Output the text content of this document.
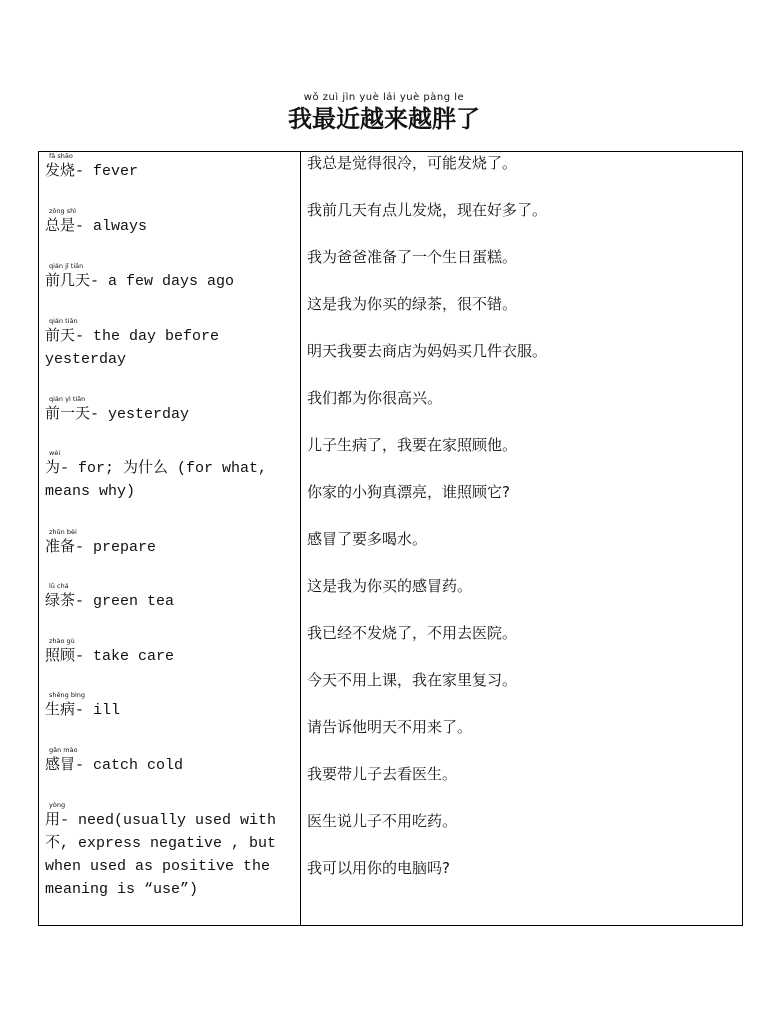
wǒ zuì jìn yuè lái yuè pàng le
我最近越来越胖了
fā shāo
发烧- fever
zǒng shì
总是- always
qián jǐ tiān
前几天- a few days ago
qián tiān
前天- the day before yesterday
qián yì tiān
前一天- yesterday
wèi
为- for; 为什么 (for what, means why)
zhǔn bèi
准备- prepare
lǜ chá
绿茶- green tea
zhào gù
照顾- take care
shēng bìng
生病- ill
gǎn mào
感冒- catch cold
yòng
用- need(usually used with 不, express negative , but when used as positive the meaning is “use”)
我总是觉得很冷，可能发烧了。
我前几天有点儿发烧，现在好多了。
我为爸爸准备了一个生日蛋糕。
这是我为你买的绿茶，很不错。
明天我要去商店为妈妈买几件衣服。
我们都为你很高兴。
儿子生病了，我要在家照顾他。
你家的小狗真漂亮，谁照顾它?
感冒了要多喝水。
这是我为你买的感冒药。
我已经不发烧了，不用去医院。
今天不用上课，我在家里复习。
请告诉他明天不用来了。
我要带儿子去看医生。
医生说儿子不用吃药。
我可以用你的电脑吗?
